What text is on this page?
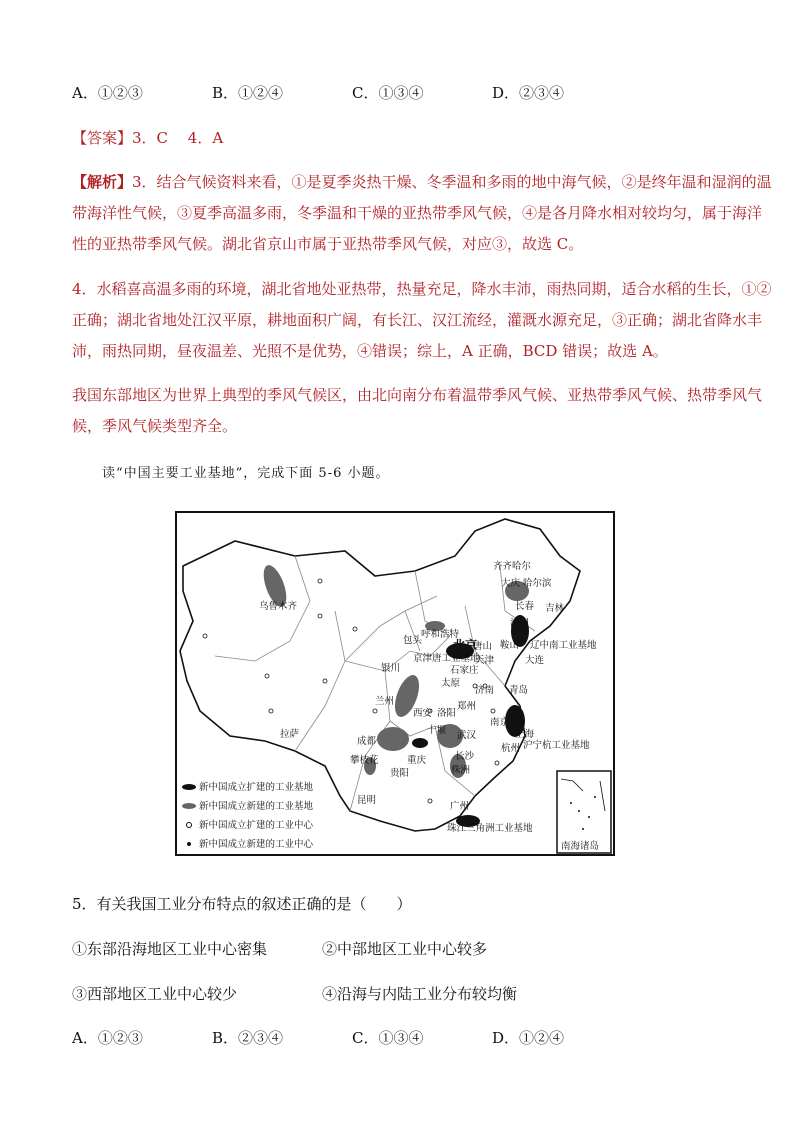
A．①②③	B．①②④	C．①③④	D．②③④
【答案】3．C　 4．A
【解析】3．结合气候资料来看，①是夏季炎热干燥、冬季温和多雨的地中海气候，②是终年温和湿润的温
带海洋性气候，③夏季高温多雨，冬季温和干燥的亚热带季风气候，④是各月降水相对较均匀，属于海洋
性的亚热带季风气候。湖北省京山市属于亚热带季风气候，对应③，故选 C。
4．水稻喜高温多雨的环境，湖北省地处亚热带，热量充足，降水丰沛，雨热同期，适合水稻的生长，①②
正确；湖北省地处江汉平原，耕地面积广阔，有长江、汉江流经，灌溉水源充足，③正确；湖北省降水丰
沛，雨热同期，昼夜温差、光照不是优势，④错误；综上，A 正确，BCD 错误；故选 A。
我国东部地区为世界上典型的季风气候区，由北向南分布着温带季风气候、亚热带季风气候、热带季风气
候，季风气候类型齐全。
读“中国主要工业基地”，完成下面 5-6 小题。
齐齐哈尔
大庆 哈尔滨
长春 吉林
沈阳
鞍山 辽中南工业基地
大连
乌鲁木齐
包头
呼和浩特
北京
唐山
京津唐工业基地
天津
石家庄
银川
太原
济南 青岛
兰州
西安 洛阳
郑州
南京
上海
杭州 沪宁杭工业基地
武汉
十堰
拉萨
成都
重庆
攀枝花	长沙
株洲
贵阳
昆明
广州
珠江三角洲工业基地
南海诸岛
新中国成立扩建的工业基地
新中国成立新建的工业基地
新中国成立扩建的工业中心
新中国成立新建的工业中心
5．有关我国工业分布特点的叙述正确的是（　　）
①东部沿海地区工业中心密集	②中部地区工业中心较多
③西部地区工业中心较少	④沿海与内陆工业分布较均衡
A．①②③	B．②③④	C．①③④	D．①②④
